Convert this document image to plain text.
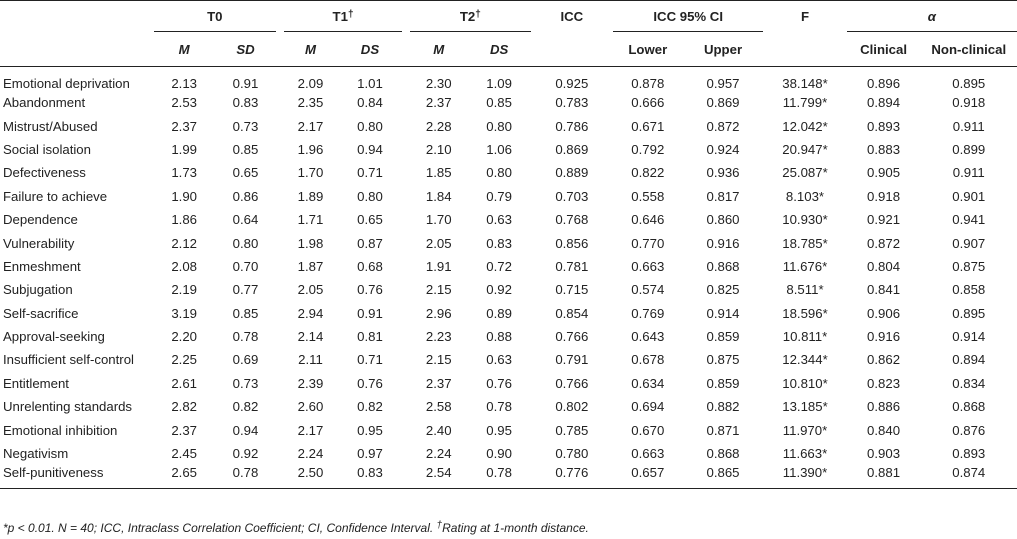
	T0			T1†			T2†			ICC		ICC 95% CI			F		α	
	M	SD		M	DS		M	DS				Lower	Upper				Clinical	Non-clinical
Emotional deprivation	2.13	0.91		2.09	1.01		2.30	1.09		0.925		0.878	0.957		38.148*		0.896	0.895
Abandonment	2.53	0.83		2.35	0.84		2.37	0.85		0.783		0.666	0.869		11.799*		0.894	0.918
Mistrust/Abused	2.37	0.73		2.17	0.80		2.28	0.80		0.786		0.671	0.872		12.042*		0.893	0.911
Social isolation	1.99	0.85		1.96	0.94		2.10	1.06		0.869		0.792	0.924		20.947*		0.883	0.899
Defectiveness	1.73	0.65		1.70	0.71		1.85	0.80		0.889		0.822	0.936		25.087*		0.905	0.911
Failure to achieve	1.90	0.86		1.89	0.80		1.84	0.79		0.703		0.558	0.817		8.103*		0.918	0.901
Dependence	1.86	0.64		1.71	0.65		1.70	0.63		0.768		0.646	0.860		10.930*		0.921	0.941
Vulnerability	2.12	0.80		1.98	0.87		2.05	0.83		0.856		0.770	0.916		18.785*		0.872	0.907
Enmeshment	2.08	0.70		1.87	0.68		1.91	0.72		0.781		0.663	0.868		11.676*		0.804	0.875
Subjugation	2.19	0.77		2.05	0.76		2.15	0.92		0.715		0.574	0.825		8.511*		0.841	0.858
Self-sacrifice	3.19	0.85		2.94	0.91		2.96	0.89		0.854		0.769	0.914		18.596*		0.906	0.895
Approval-seeking	2.20	0.78		2.14	0.81		2.23	0.88		0.766		0.643	0.859		10.811*		0.916	0.914
Insufficient self-control	2.25	0.69		2.11	0.71		2.15	0.63		0.791		0.678	0.875		12.344*		0.862	0.894
Entitlement	2.61	0.73		2.39	0.76		2.37	0.76		0.766		0.634	0.859		10.810*		0.823	0.834
Unrelenting standards	2.82	0.82		2.60	0.82		2.58	0.78		0.802		0.694	0.882		13.185*		0.886	0.868
Emotional inhibition	2.37	0.94		2.17	0.95		2.40	0.95		0.785		0.670	0.871		11.970*		0.840	0.876
Negativism	2.45	0.92		2.24	0.97		2.24	0.90		0.780		0.663	0.868		11.663*		0.903	0.893
Self-punitiveness	2.65	0.78		2.50	0.83		2.54	0.78		0.776		0.657	0.865		11.390*		0.881	0.874
*p < 0.01. N = 40; ICC, Intraclass Correlation Coefficient; CI, Confidence Interval. †Rating at 1-month distance.
